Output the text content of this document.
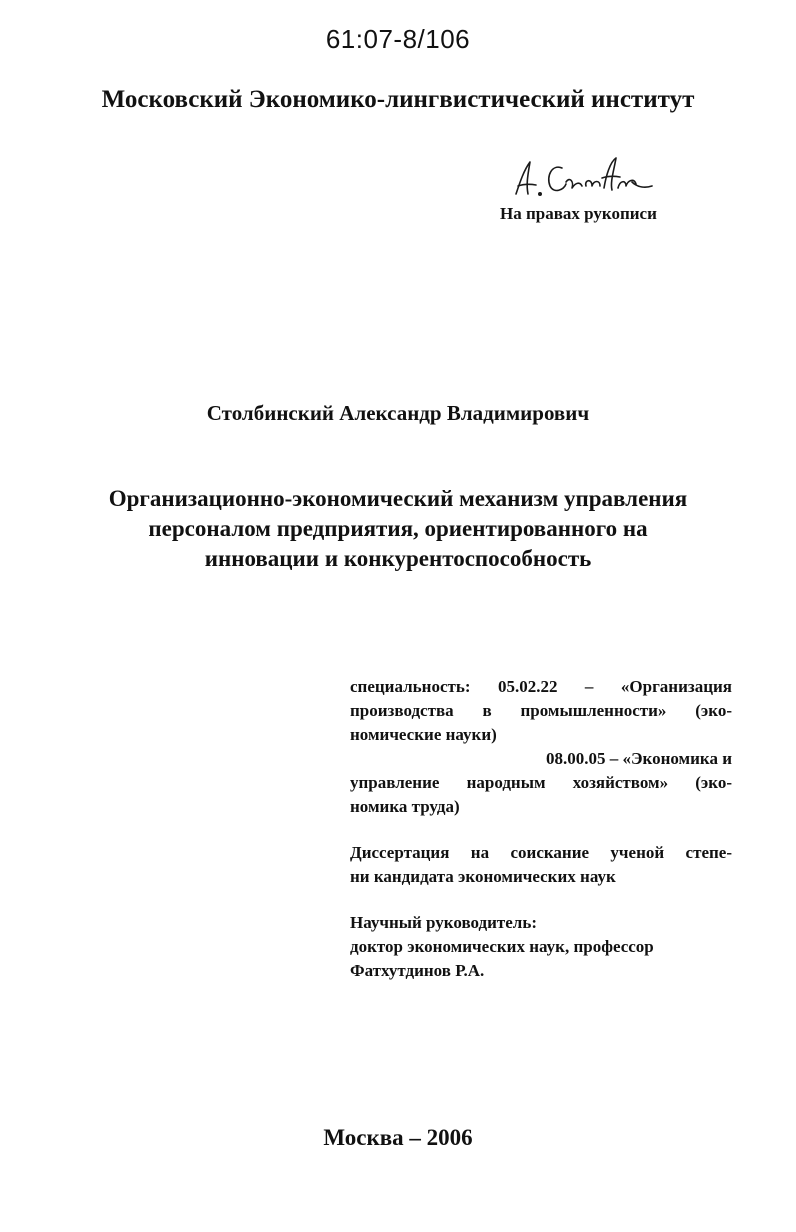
61:07-8/106
Московский Экономико-лингвистический институт
На правах рукописи
Столбинский Александр Владимирович
Организационно-экономический механизм управления
персоналом предприятия, ориентированного на
инновации и конкурентоспособность
специальность: 05.02.22 – «Организация
производства в промышленности» (эко-
номические науки)
08.00.05 – «Экономика и
управление народным хозяйством» (эко-
номика труда)
Диссертация на соискание ученой степе-
ни кандидата экономических наук
Научный руководитель:
доктор экономических наук, профессор
Фатхутдинов Р.А.
Москва – 2006
